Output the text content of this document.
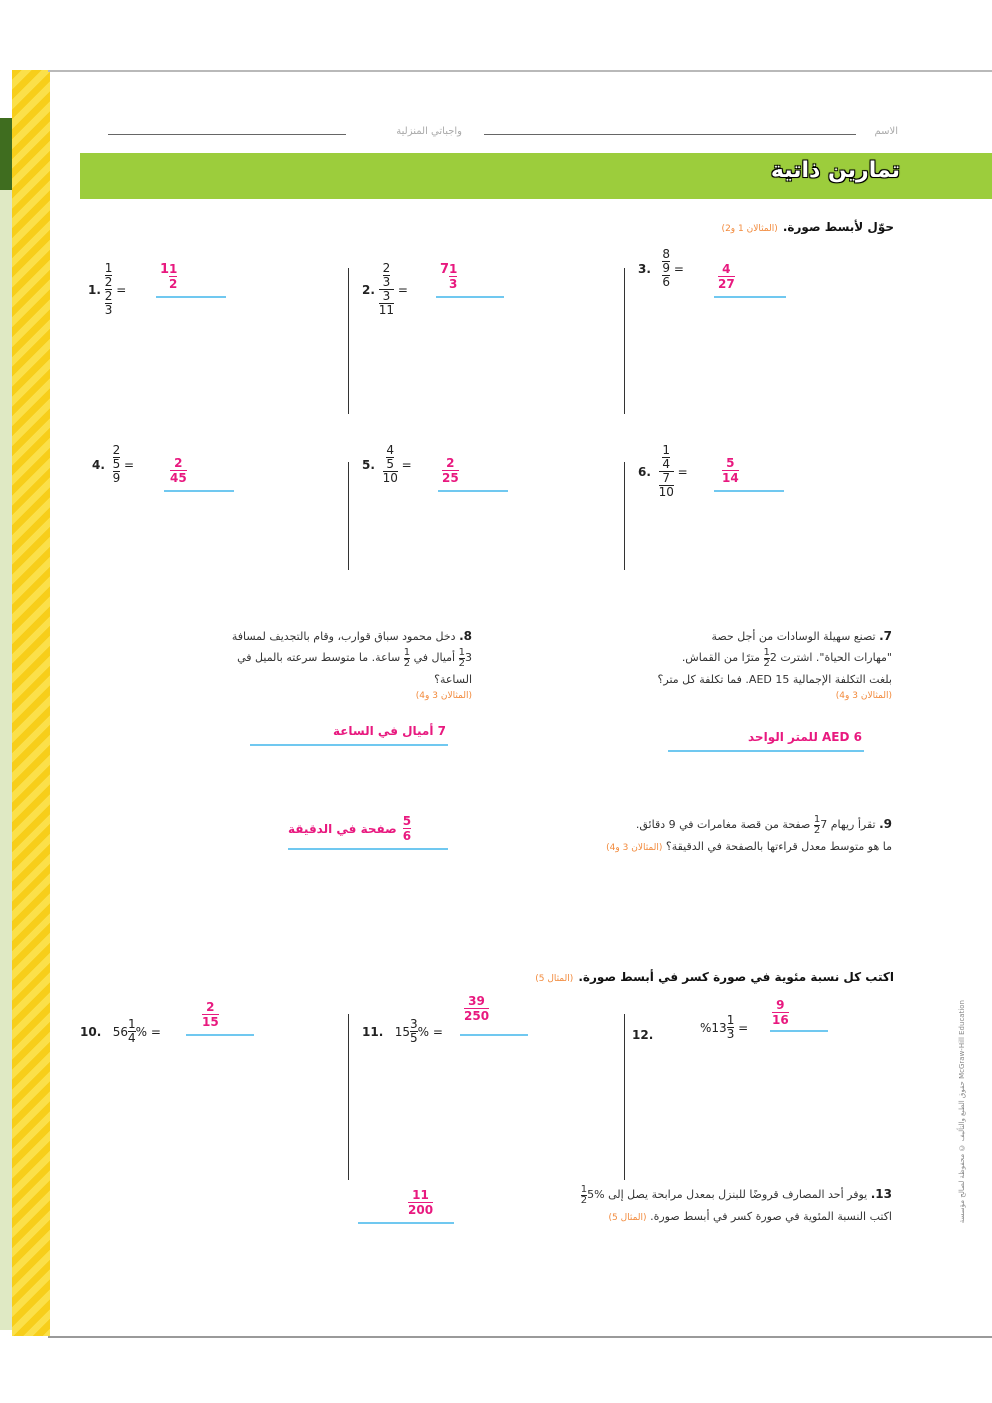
واجباتي المنزلية	الاسم
تمارين ذاتية
حوّل لأبسط صورة. (المثالان 1 و2)
1.
$\frac{\frac{1}{2}}{\frac{2}{3}}$ =
$1 \frac{1}{2}$	2.
$\frac{\frac{2}{3}}{\frac{3}{11}}$ =
$7 \frac{1}{3}$	3.
$\frac{\frac{8}{9}}{6}$ =	$\frac{4}{27}$
4.
$\frac{\frac{2}{5}}{9}$ =	$\frac{2}{45}$	5.
$\frac{\frac{4}{5}}{10} = \frac{2}{25}$	6.
$\frac{\frac{1}{4}}{\frac{7}{10}}$ =	$\frac{5}{14}$
7. تصنع سهيلة الوسادات من أجل حصة
"مهارات الحياة". اشترت 2
$\frac{1}{2}$
مترًا من القماش.
بلغت التكلفة الإجمالية AED 15. فما تكلفة كل متر؟
(المثالان 3 و4)
AED 6 للمتر الواحد
8. دخل محمود سباق قوارب، وقام بالتجديف لمسافة
3
$\frac{1}{2}$
أميال في
$\frac{1}{2}$
ساعة. ما متوسط سرعته بالميل في
الساعة؟
(المثالان 3 و4)
7 أميال في الساعة
9. تقرأ ريهام 7
$\frac{1}{2}$
صفحة من قصة مغامرات في 9 دقائق.
ما هو متوسط معدل قراءتها بالصفحة في الدقيقة؟ (المثالان 3 و4)
5
6
صفحة في الدقيقة
اكتب كل نسبة مئوية في صورة كسر في أبسط صورة. (المثال 5)
10.
$56 \frac{1}{4}$ % =
$\frac{2}{15}$
11.
$15 \frac{3}{5}$ % =
$\frac{39}{250}$
12.
% $13 \frac{1}{3}$ =
$\frac{9}{16}$
13. يوفر أحد المصارف قروضًا للبنزل بمعدل مرابحة يصل إلى %5
$\frac{1}{2}$
اكتب النسبة المئوية في صورة كسر في أبسط صورة. (المثال 5)
$\frac{11}{200}$	حقوق الطبع والتأليف © محفوظة لصالح مؤسسة McGraw-Hill Education
